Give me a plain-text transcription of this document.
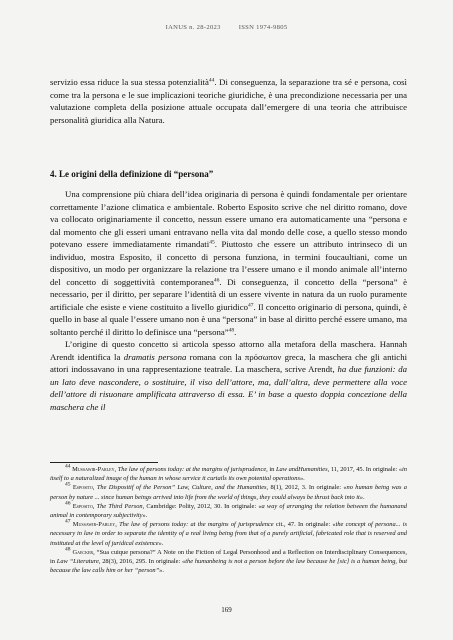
IANUS n. 28-2023	ISSN 1974-9805

servizio essa riduce la sua stessa potenzialità$^{44}$. Di conseguenza, la separazione tra sé e persona, così come tra la persona e le sue implicazioni teoriche giuridiche, è una precondizione necessaria per una valutazione completa della posizione attuale occupata dall’emergere di una teoria che attribuisce personalità giuridica alla Natura.

4. Le origini della definizione di “persona”

Una comprensione più chiara dell’idea originaria di persona è quindi fondamentale per orientare correttamente l’azione climatica e ambientale. Roberto Esposito scrive che nel diritto romano, dove va collocato originariamente il concetto, nessun essere umano era automaticamente una “persona e dal momento che gli esseri umani entravano nella vita dal mondo delle cose, a quello stesso mondo potevano essere immediatamente rimandati$^{45}$. Piuttosto che essere un attributo intrinseco di un individuo, mostra Esposito, il concetto di persona funziona, in termini foucaultiani, come un dispositivo, un modo per organizzare la relazione tra l’essere umano e il mondo animale all’interno del concetto di soggettività contemporanea$^{46}$. Di conseguenza, il concetto della “persona” è necessario, per il diritto, per separare l’identità di un essere vivente in natura da un ruolo puramente artificiale che esiste e viene costituito a livello giuridico$^{47}$. Il concetto originario di persona, quindi, è quello in base al quale l’essere umano non è una “persona” in base al diritto perché essere umano, ma soltanto perché il diritto lo definisce una “persona”$^{48}$.

L’origine di questo concetto si articola spesso attorno alla metafora della maschera. Hannah Arendt identifica la dramatis persona romana con la πρόσωπον greca, la maschera che gli antichi attori indossavano in una rappresentazione teatrale. La maschera, scrive Arendt, ha due funzioni: da un lato deve nascondere, o sostituire, il viso dell’attore, ma, dall’altra, deve permettere alla voce dell’attore di risuonare amplificata attraverso di essa. E’ in base a questo doppia concezione della maschera che il

$^{44}$ Mussawir-Parley, The law of persons today: at the margins of jurisprudence, in Law andHumanities, 11, 2017, 45. In originale: «in itself to a naturalized image of the human in whose service it curtails its own potential operations».

$^{45}$ Esposito, The Dispositif of the Person” Law, Culture, and the Humanities, 8(1), 2012, 3. In originale: «no human being was a person by nature ... since human beings arrived into life from the world of things, they could always be thrust back into it».

$^{46}$ Esposito, The Third Person, Cambridge: Polity, 2012, 30. In originale: «a way of arranging the relation between the humanand animal in contemporary subjectivity».

$^{47}$ Mussawir-Parley, The law of persons today: at the margins of jurisprudence cit., 47. In originale: «the concept of persona... is necessary in law in order to separate the identity of a real living being from that of a purely artificial, fabricated role that is reserved and instituted at the level of juridical existence».

$^{48}$ Gaecker, “Sua cuique persona?” A Note on the Fiction of Legal Personhood and a Reflection on Interdisciplinary Consequences, in Law “Literature, 28(3), 2016, 295. In originale: «the humanbeing is not a person before the law because he [sic] is a human being, but because the law calls him or her “person”».

169
